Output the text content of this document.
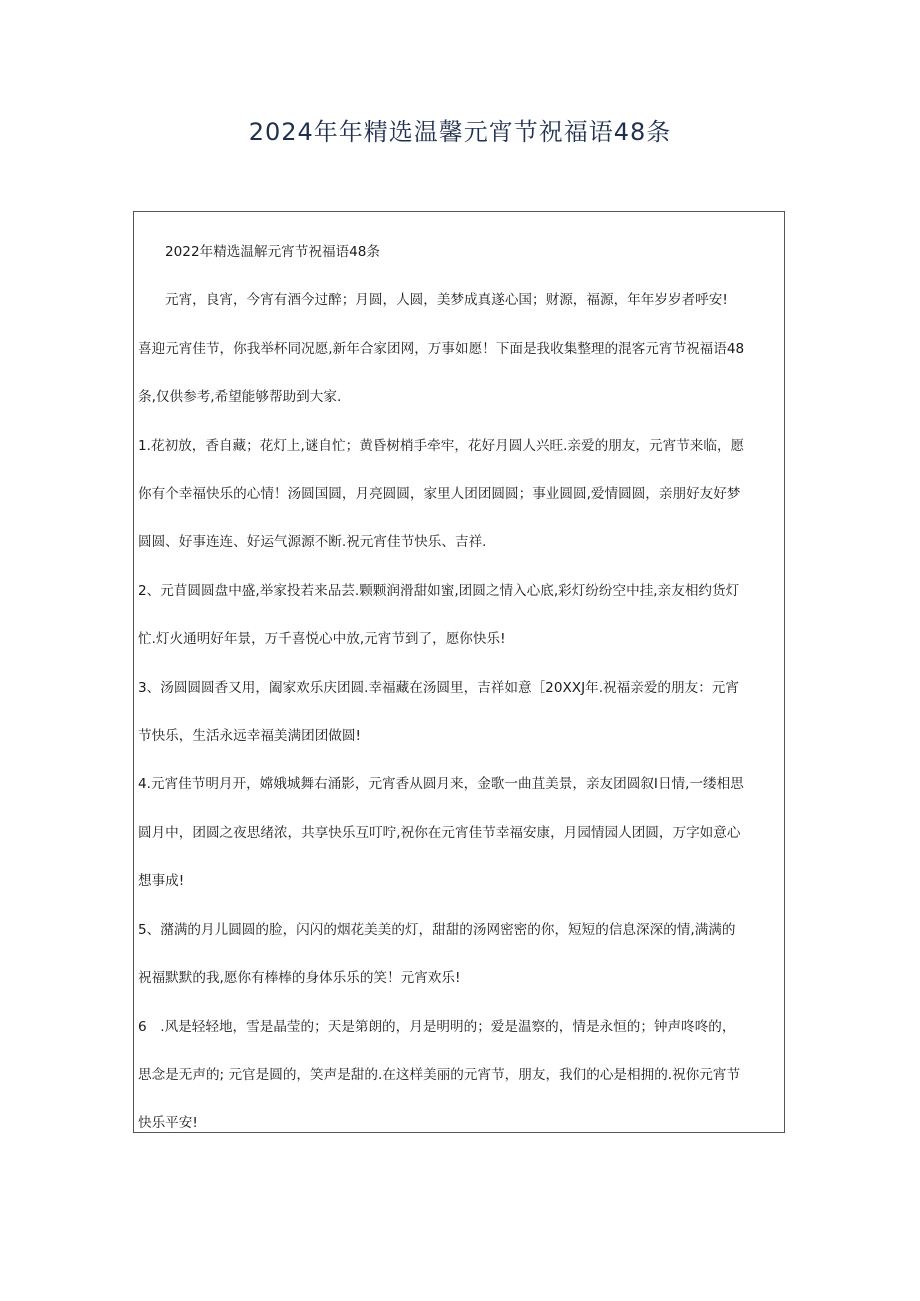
2024年年精选温馨元宵节祝福语48条

2022年精选温解元宵节祝福语48条

元宵，良宵，今宵有酒今过醉；月圆，人圆，美梦成真遂心国；财源，福源，年年岁岁者呼安!

喜迎元宵佳节，你我举杯同况愿,新年合家团网，万事如愿！下面是我收集整理的混客元宵节祝福语48

条,仅供参考,希望能够帮助到大家.

1.花初放，香自藏；花灯上,谜自忙；黄昏树梢手牵牢，花好月圆人兴旺.亲爱的朋友，元宵节来临，愿

你有个幸福快乐的心情！汤圆国圆，月亮圆圆，家里人团团圆圆；事业圆圆,爱情圆圆，亲朋好友好梦

圆圆、好事连连、好运气源源不断.祝元宵佳节快乐、吉祥.

2、元苜圆圆盘中盛,举家投若来品芸.颗颗润滑甜如蜜,团圆之情入心底,彩灯纷纷空中挂,亲友相约货灯

忙.灯火通明好年景，万千喜悦心中放,元宵节到了，愿你快乐!

3、汤圆圆圆香又用，阖家欢乐庆团圆.幸福藏在汤圆里，吉祥如意［20XXJ年.祝福亲爱的朋友：元宵

节快乐，生活永远幸福美满团团做圆!

4.元宵佳节明月开，嫦娥城舞右涌影，元宵香从圆月来，金歌一曲苴美景，亲友团圆叙I日情,一缕相思

圆月中，团圆之夜思绪浓，共享快乐互叮咛,祝你在元宵佳节幸福安康，月园情园人团圆，万字如意心

想事成!

5、潴满的月儿圆圆的脸，闪闪的烟花美美的灯，甜甜的汤网密密的你，短短的信息深深的情,满满的

祝福默默的我,愿你有棒棒的身体乐乐的笑！元宵欢乐!

6　.风是轻轻地，雪是晶莹的；天是第朗的，月是明明的；爱是温察的，情是永恒的；钟声咚咚的，

思念是无声的; 元官是圆的，笑声是甜的.在这样美丽的元宵节，朋友，我们的心是相拥的.祝你元宵节

快乐平安!
